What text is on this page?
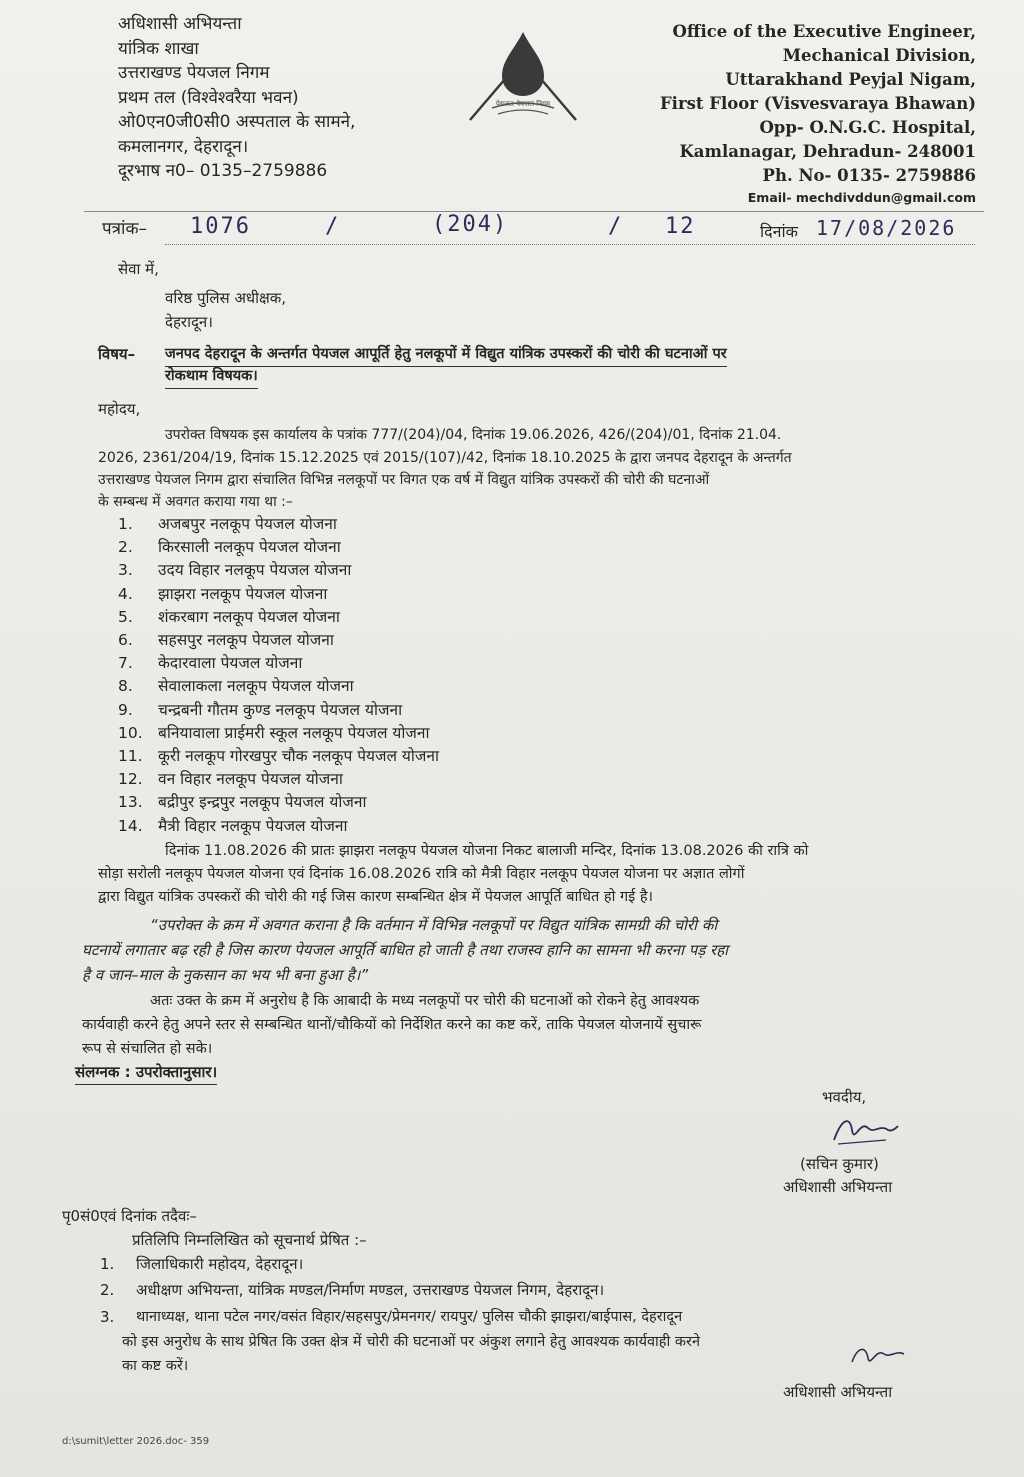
अधिशासी अभियन्ता
यांत्रिक शाखा
उत्तराखण्ड पेयजल निगम
प्रथम तल (विश्वेश्वरैया भवन)
ओ0एन0जी0सी0 अस्पताल के सामने,
कमलानगर, देहरादून।
दूरभाष न0– 0135–2759886
पेयजल पेयजल निगम
Office of the Executive Engineer,
Mechanical Division,
Uttarakhand Peyjal Nigam,
First Floor (Visvesvaraya Bhawan)
Opp- O.N.G.C. Hospital,
Kamlanagar, Dehradun- 248001
Ph. No- 0135- 2759886
Email- mechdivddun@gmail.com
पत्रांक– 1076	/	(204)	/ 12	दिनांक 17/08/2026
सेवा में,
वरिष्ठ पुलिस अधीक्षक,
देहरादून।
विषय– जनपद देहरादून के अन्तर्गत पेयजल आपूर्ति हेतु नलकूपों में विद्युत यांत्रिक उपस्करों की चोरी की घटनाओं पर
रोकथाम विषयक।
महोदय,
उपरोक्त विषयक इस कार्यालय के पत्रांक 777/(204)/04, दिनांक 19.06.2026, 426/(204)/01, दिनांक 21.04.
2026, 2361/204/19, दिनांक 15.12.2025 एवं 2015/(107)/42, दिनांक 18.10.2025 के द्वारा जनपद देहरादून के अन्तर्गत
उत्तराखण्ड पेयजल निगम द्वारा संचालित विभिन्न नलकूपों पर विगत एक वर्ष में विद्युत यांत्रिक उपस्करों की चोरी की घटनाओं
के सम्बन्ध में अवगत कराया गया था :–
1. अजबपुर नलकूप पेयजल योजना
2. किरसाली नलकूप पेयजल योजना
3. उदय विहार नलकूप पेयजल योजना
4. झाझरा नलकूप पेयजल योजना
5. शंकरबाग नलकूप पेयजल योजना
6. सहसपुर नलकूप पेयजल योजना
7. केदारवाला पेयजल योजना
8. सेवालाकला नलकूप पेयजल योजना
9. चन्द्रबनी गौतम कुण्ड नलकूप पेयजल योजना
10. बनियावाला प्राईमरी स्कूल नलकूप पेयजल योजना
11. कूरी नलकूप गोरखपुर चौक नलकूप पेयजल योजना
12. वन विहार नलकूप पेयजल योजना
13. बद्रीपुर इन्द्रपुर नलकूप पेयजल योजना
14. मैत्री विहार नलकूप पेयजल योजना
दिनांक 11.08.2026 की प्रातः झाझरा नलकूप पेयजल योजना निकट बालाजी मन्दिर, दिनांक 13.08.2026 की रात्रि को
सोड़ा सरोली नलकूप पेयजल योजना एवं दिनांक 16.08.2026 रात्रि को मैत्री विहार नलकूप पेयजल योजना पर अज्ञात लोगों
द्वारा विद्युत यांत्रिक उपस्करों की चोरी की गई जिस कारण सम्बन्धित क्षेत्र में पेयजल आपूर्ति बाधित हो गई है।
“उपरोक्त के क्रम में अवगत कराना है कि वर्तमान में विभिन्न नलकूपों पर विद्युत यांत्रिक सामग्री की चोरी की
घटनायें लगातार बढ़ रही है जिस कारण पेयजल आपूर्ति बाधित हो जाती है तथा राजस्व हानि का सामना भी करना पड़ रहा
है व जान–माल के नुकसान का भय भी बना हुआ है।”
अतः उक्त के क्रम में अनुरोध है कि आबादी के मध्य नलकूपों पर चोरी की घटनाओं को रोकने हेतु आवश्यक
कार्यवाही करने हेतु अपने स्तर से सम्बन्धित थानों/चौकियों को निर्देशित करने का कष्ट करें, ताकि पेयजल योजनायें सुचारू
रूप से संचालित हो सके।
संलग्नक : उपरोक्तानुसार।
भवदीय,
(सचिन कुमार)
अधिशासी अभियन्ता
पृ0सं0एवं दिनांक तदैवः–
प्रतिलिपि निम्नलिखित को सूचनार्थ प्रेषित :–
1. जिलाधिकारी महोदय, देहरादून।
2. अधीक्षण अभियन्ता, यांत्रिक मण्डल/निर्माण मण्डल, उत्तराखण्ड पेयजल निगम, देहरादून।
3. थानाध्यक्ष, थाना पटेल नगर/वसंत विहार/सहसपुर/प्रेमनगर/ रायपुर/ पुलिस चौकी झाझरा/बाईपास, देहरादून
को इस अनुरोध के साथ प्रेषित कि उक्त क्षेत्र में चोरी की घटनाओं पर अंकुश लगाने हेतु आवश्यक कार्यवाही करने
का कष्ट करें।
अधिशासी अभियन्ता
d:\sumit\letter 2026.doc- 359
